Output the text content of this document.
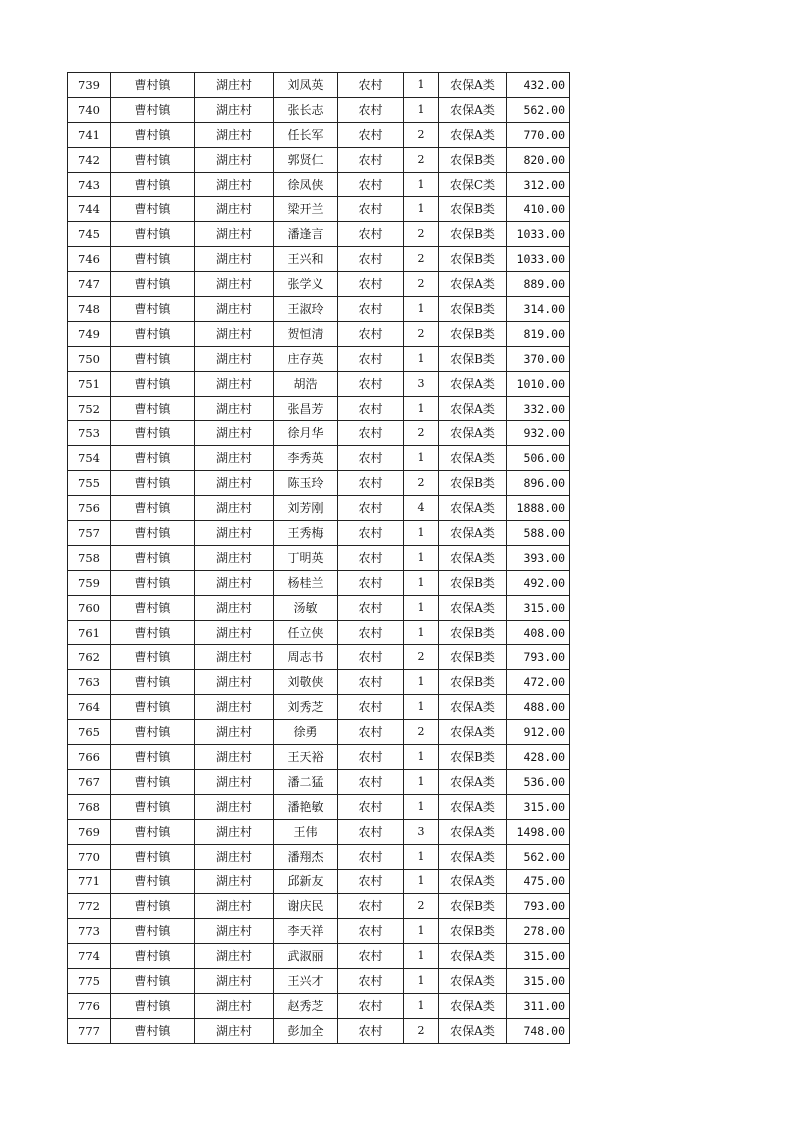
739	曹村镇	湖庄村	刘凤英	农村	1	农保A类	432.00
740	曹村镇	湖庄村	张长志	农村	1	农保A类	562.00
741	曹村镇	湖庄村	任长军	农村	2	农保A类	770.00
742	曹村镇	湖庄村	郭贤仁	农村	2	农保B类	820.00
743	曹村镇	湖庄村	徐凤侠	农村	1	农保C类	312.00
744	曹村镇	湖庄村	梁开兰	农村	1	农保B类	410.00
745	曹村镇	湖庄村	潘逢言	农村	2	农保B类	1033.00
746	曹村镇	湖庄村	王兴和	农村	2	农保B类	1033.00
747	曹村镇	湖庄村	张学义	农村	2	农保A类	889.00
748	曹村镇	湖庄村	王淑玲	农村	1	农保B类	314.00
749	曹村镇	湖庄村	贺恒清	农村	2	农保B类	819.00
750	曹村镇	湖庄村	庄存英	农村	1	农保B类	370.00
751	曹村镇	湖庄村	胡浩	农村	3	农保A类	1010.00
752	曹村镇	湖庄村	张昌芳	农村	1	农保A类	332.00
753	曹村镇	湖庄村	徐月华	农村	2	农保A类	932.00
754	曹村镇	湖庄村	李秀英	农村	1	农保A类	506.00
755	曹村镇	湖庄村	陈玉玲	农村	2	农保B类	896.00
756	曹村镇	湖庄村	刘芳刚	农村	4	农保A类	1888.00
757	曹村镇	湖庄村	王秀梅	农村	1	农保A类	588.00
758	曹村镇	湖庄村	丁明英	农村	1	农保A类	393.00
759	曹村镇	湖庄村	杨桂兰	农村	1	农保B类	492.00
760	曹村镇	湖庄村	汤敏	农村	1	农保A类	315.00
761	曹村镇	湖庄村	任立侠	农村	1	农保B类	408.00
762	曹村镇	湖庄村	周志书	农村	2	农保B类	793.00
763	曹村镇	湖庄村	刘敬侠	农村	1	农保B类	472.00
764	曹村镇	湖庄村	刘秀芝	农村	1	农保A类	488.00
765	曹村镇	湖庄村	徐勇	农村	2	农保A类	912.00
766	曹村镇	湖庄村	王天裕	农村	1	农保B类	428.00
767	曹村镇	湖庄村	潘二猛	农村	1	农保A类	536.00
768	曹村镇	湖庄村	潘艳敏	农村	1	农保A类	315.00
769	曹村镇	湖庄村	王伟	农村	3	农保A类	1498.00
770	曹村镇	湖庄村	潘翔杰	农村	1	农保A类	562.00
771	曹村镇	湖庄村	邱新友	农村	1	农保A类	475.00
772	曹村镇	湖庄村	谢庆民	农村	2	农保B类	793.00
773	曹村镇	湖庄村	李天祥	农村	1	农保B类	278.00
774	曹村镇	湖庄村	武淑丽	农村	1	农保A类	315.00
775	曹村镇	湖庄村	王兴才	农村	1	农保A类	315.00
776	曹村镇	湖庄村	赵秀芝	农村	1	农保A类	311.00
777	曹村镇	湖庄村	彭加全	农村	2	农保A类	748.00
